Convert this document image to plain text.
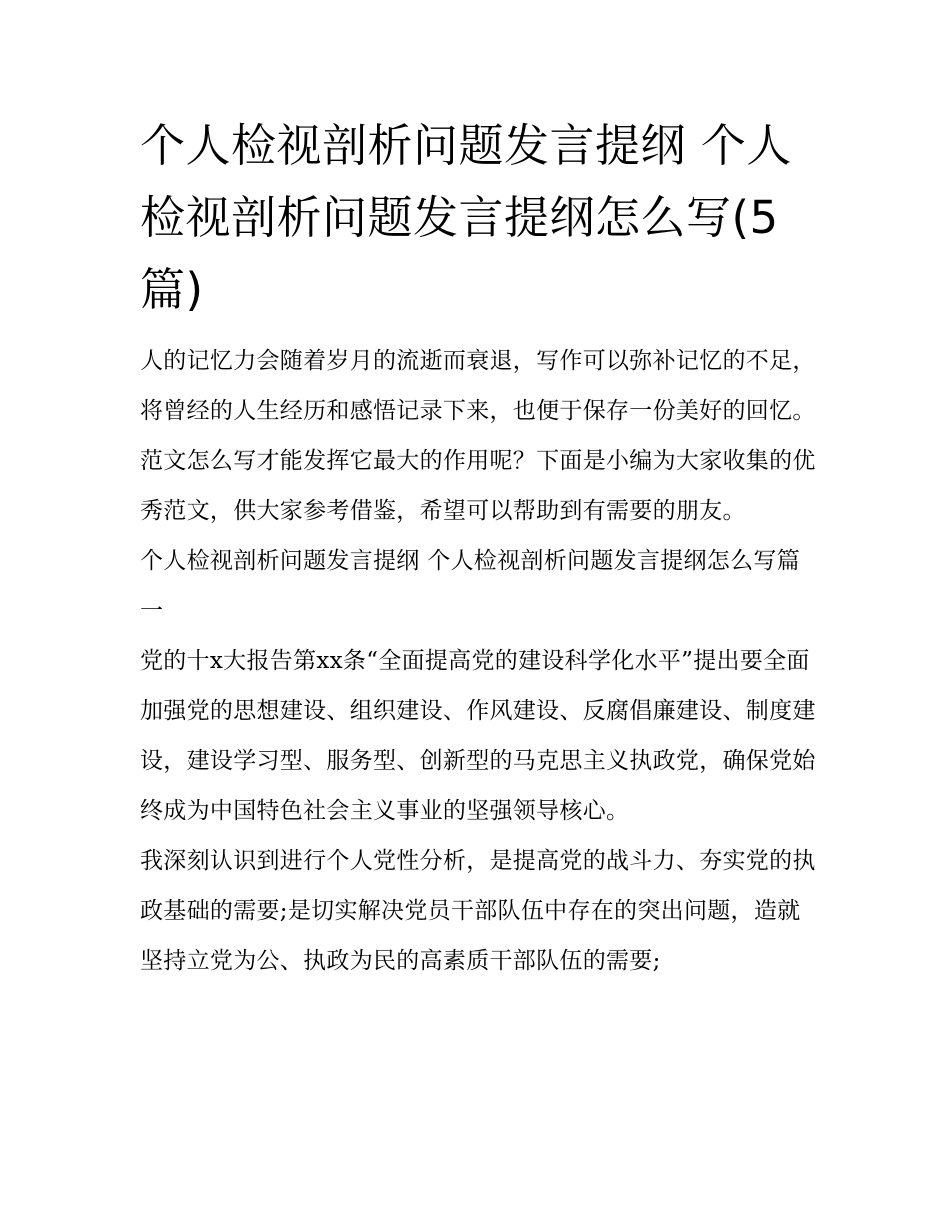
个人检视剖析问题发言提纲 个人检视剖析问题发言提纲怎么写(5篇)

人的记忆力会随着岁月的流逝而衰退，写作可以弥补记忆的不足，将曾经的人生经历和感悟记录下来，也便于保存一份美好的回忆。范文怎么写才能发挥它最大的作用呢？下面是小编为大家收集的优秀范文，供大家参考借鉴，希望可以帮助到有需要的朋友。

个人检视剖析问题发言提纲 个人检视剖析问题发言提纲怎么写篇一

党的十x大报告第xx条“全面提高党的建设科学化水平”提出要全面加强党的思想建设、组织建设、作风建设、反腐倡廉建设、制度建设，建设学习型、服务型、创新型的马克思主义执政党，确保党始终成为中国特色社会主义事业的坚强领导核心。

我深刻认识到进行个人党性分析，是提高党的战斗力、夯实党的执政基础的需要;是切实解决党员干部队伍中存在的突出问题，造就坚持立党为公、执政为民的高素质干部队伍的需要;
